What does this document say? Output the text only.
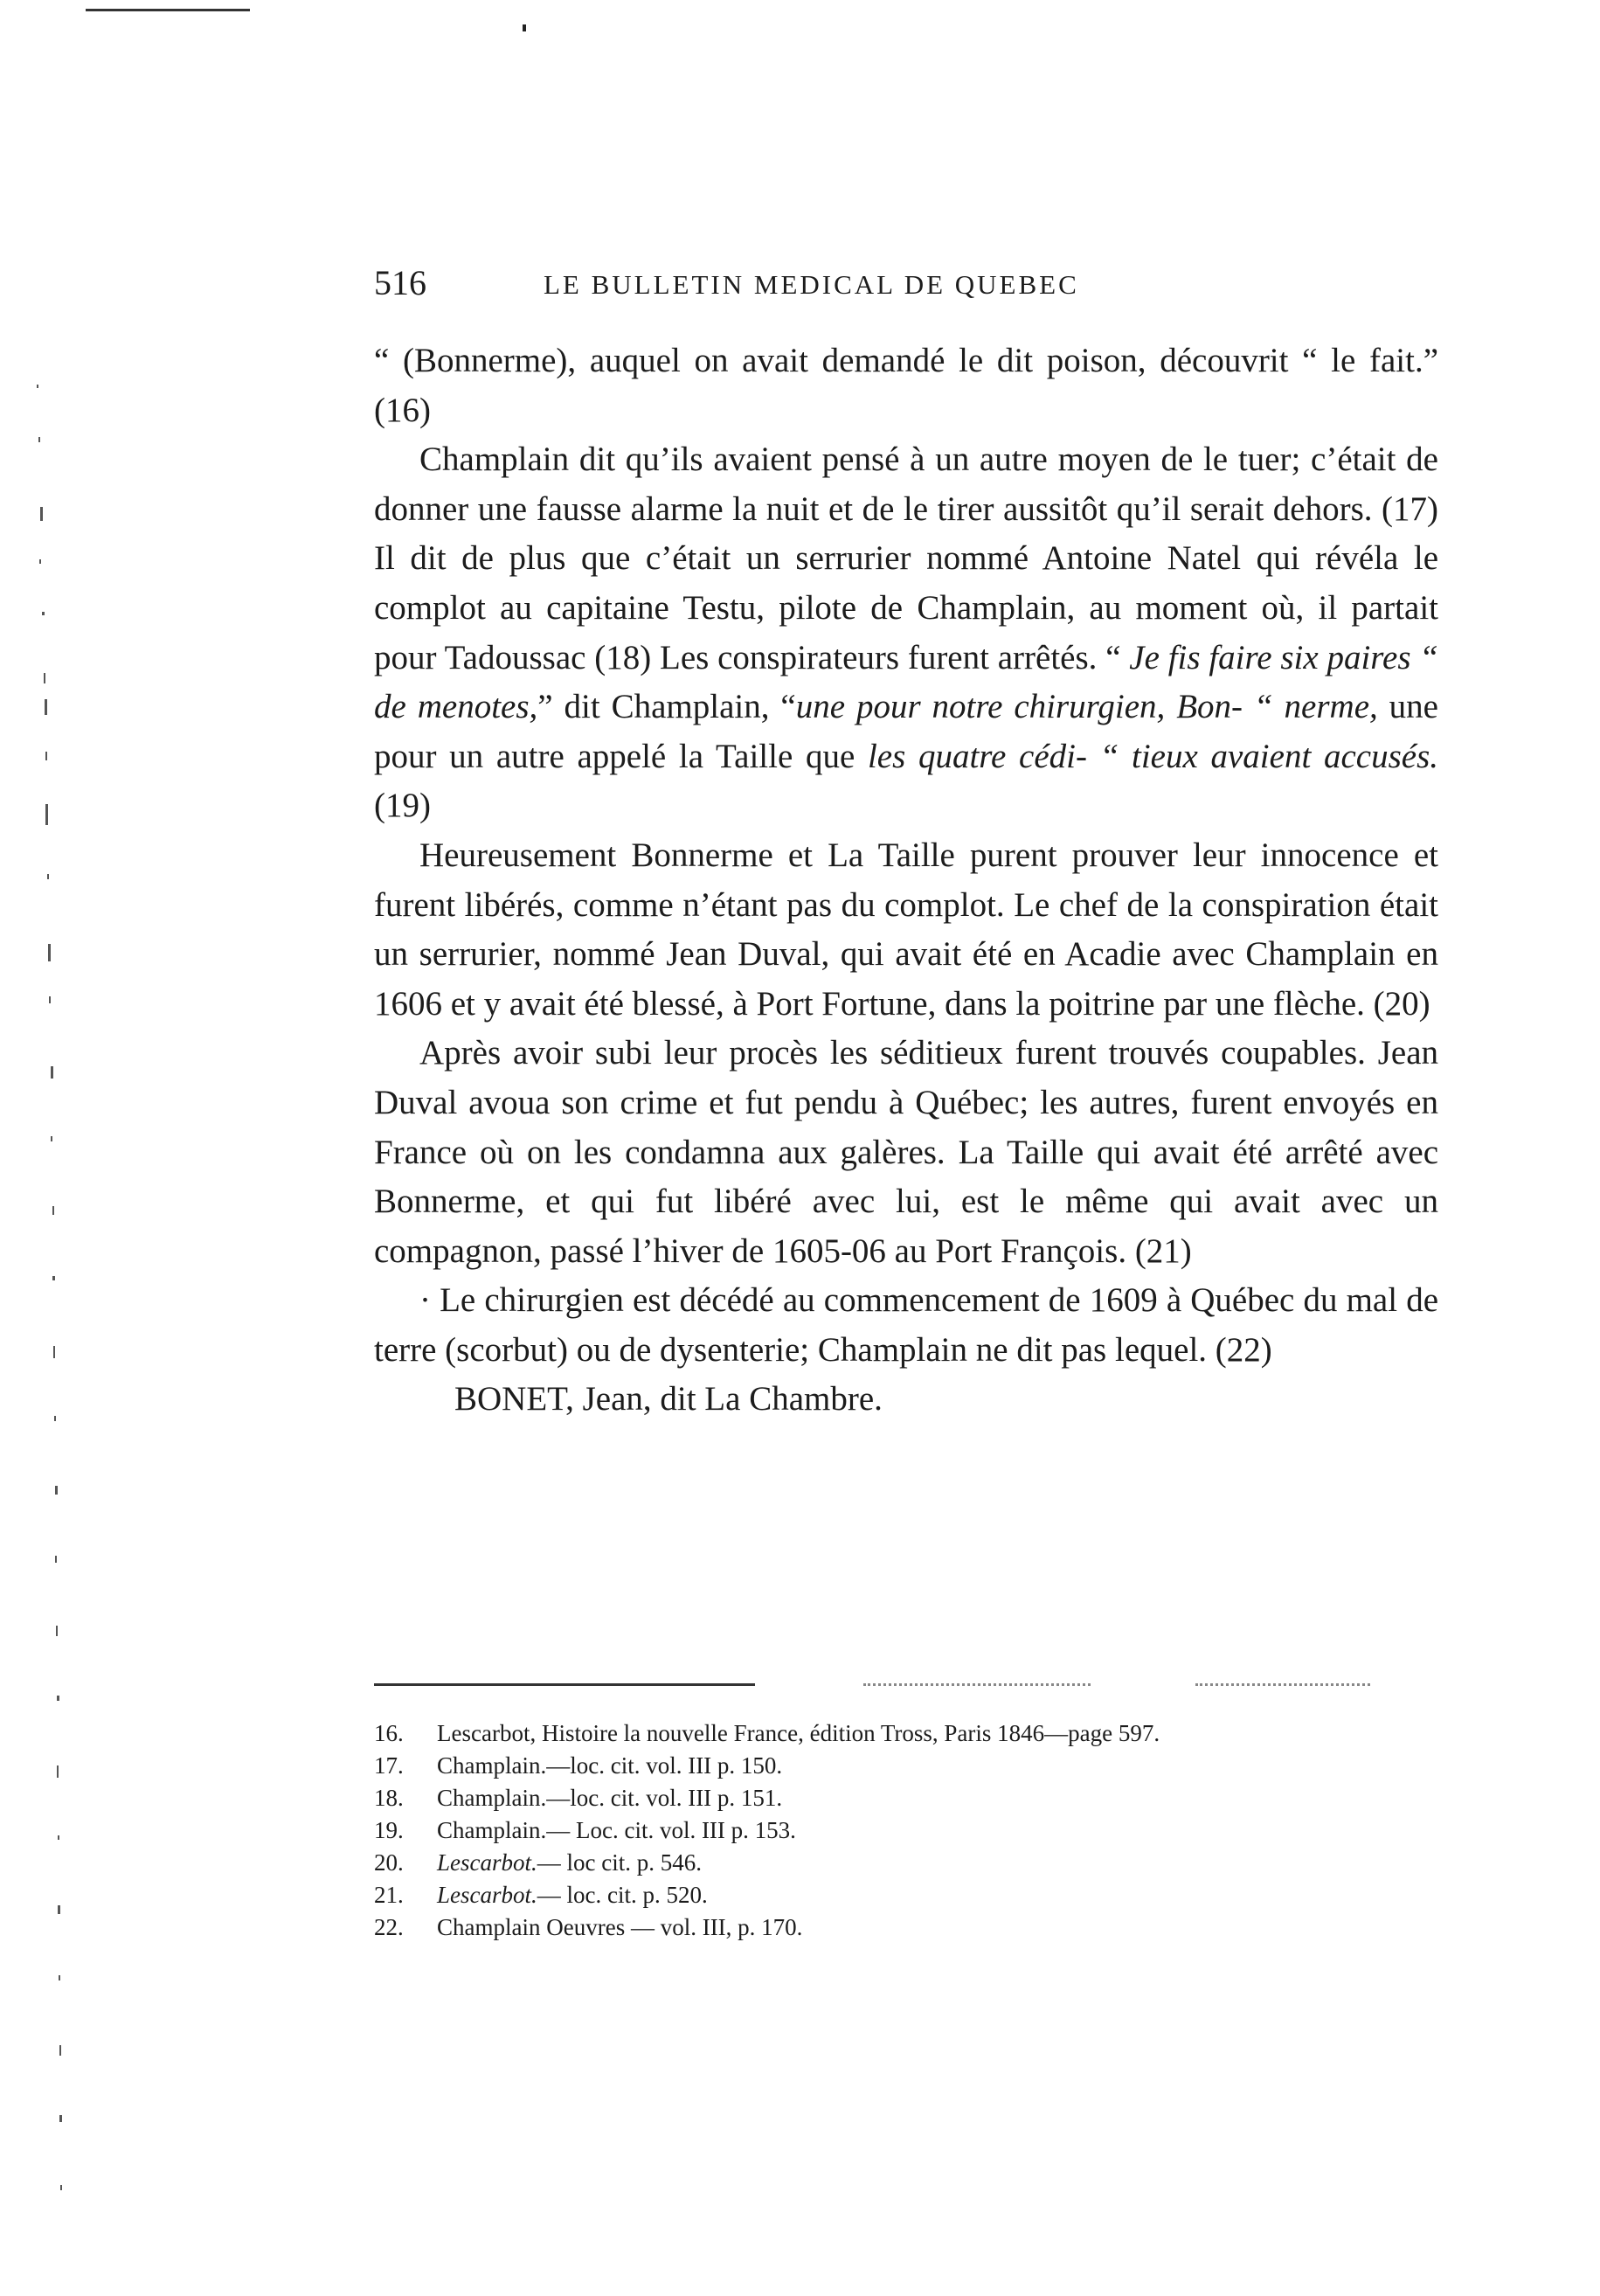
516	LE BULLETIN MEDICAL DE QUEBEC

“ (Bonnerme), auquel on avait demandé le dit poison, découvrit “ le fait.” (16)

Champlain dit qu’ils avaient pensé à un autre moyen de le tuer; c’était de donner une fausse alarme la nuit et de le tirer aussitôt qu’il serait dehors. (17) Il dit de plus que c’était un serrurier nommé Antoine Natel qui révéla le complot au capitaine Testu, pilote de Champlain, au moment où, il partait pour Tadoussac (18) Les conspirateurs furent arrêtés. “ Je fis faire six paires “ de menotes,” dit Champlain, “une pour notre chirurgien, Bon- “ nerme, une pour un autre appelé la Taille que les quatre cédi- “ tieux avaient accusés. (19)

Heureusement Bonnerme et La Taille purent prouver leur innocence et furent libérés, comme n’étant pas du complot. Le chef de la conspiration était un serrurier, nommé Jean Duval, qui avait été en Acadie avec Champlain en 1606 et y avait été blessé, à Port Fortune, dans la poitrine par une flèche. (20)

Après avoir subi leur procès les séditieux furent trouvés coupables. Jean Duval avoua son crime et fut pendu à Québec; les autres, furent envoyés en France où on les condamna aux galères. La Taille qui avait été arrêté avec Bonnerme, et qui fut libéré avec lui, est le même qui avait avec un compagnon, passé l’hiver de 1605-06 au Port François. (21)

· Le chirurgien est décédé au commencement de 1609 à Québec du mal de terre (scorbut) ou de dysenterie; Champlain ne dit pas lequel. (22)

BONET, Jean, dit La Chambre.

16. Lescarbot, Histoire la nouvelle France, édition Tross, Paris 1846—page 597.

17. Champlain.—loc. cit. vol. III p. 150.

18. Champlain.—loc. cit. vol. III p. 151.

19. Champlain.— Loc. cit. vol. III p. 153.

20. Lescarbot.— loc cit. p. 546.

21. Lescarbot.— loc. cit. p. 520.

22. Champlain Oeuvres — vol. III, p. 170.
